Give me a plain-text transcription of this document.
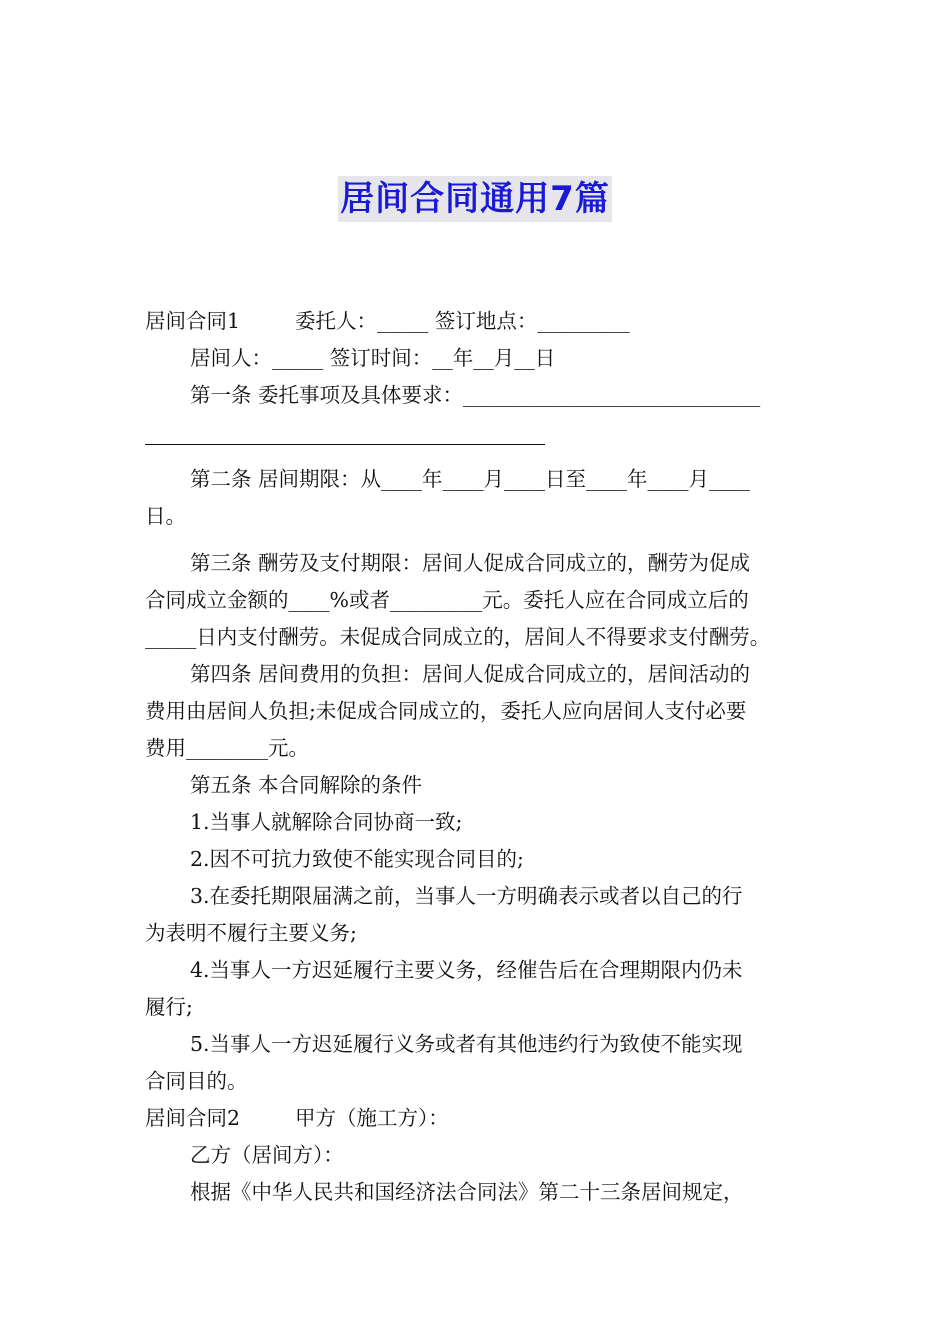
居间合同通用7篇
居间合同1	委托人：_____ 签订地点：_________
居间人：_____ 签订时间：__年__月__日
第一条 委托事项及具体要求：_____________________________
第二条 居间期限：从____年____月____日至____年____月____
日。
第三条 酬劳及支付期限：居间人促成合同成立的，酬劳为促成
合同成立金额的____%或者_________元。委托人应在合同成立后的
_____日内支付酬劳。未促成合同成立的，居间人不得要求支付酬劳。
第四条 居间费用的负担：居间人促成合同成立的，居间活动的
费用由居间人负担;未促成合同成立的，委托人应向居间人支付必要
费用________元。
第五条 本合同解除的条件
1.当事人就解除合同协商一致;
2.因不可抗力致使不能实现合同目的;
3.在委托期限届满之前，当事人一方明确表示或者以自己的行
为表明不履行主要义务;
4.当事人一方迟延履行主要义务，经催告后在合理期限内仍未
履行;
5.当事人一方迟延履行义务或者有其他违约行为致使不能实现
合同目的。
居间合同2	甲方（施工方）：
乙方（居间方）：
根据《中华人民共和国经济法合同法》第二十三条居间规定，
